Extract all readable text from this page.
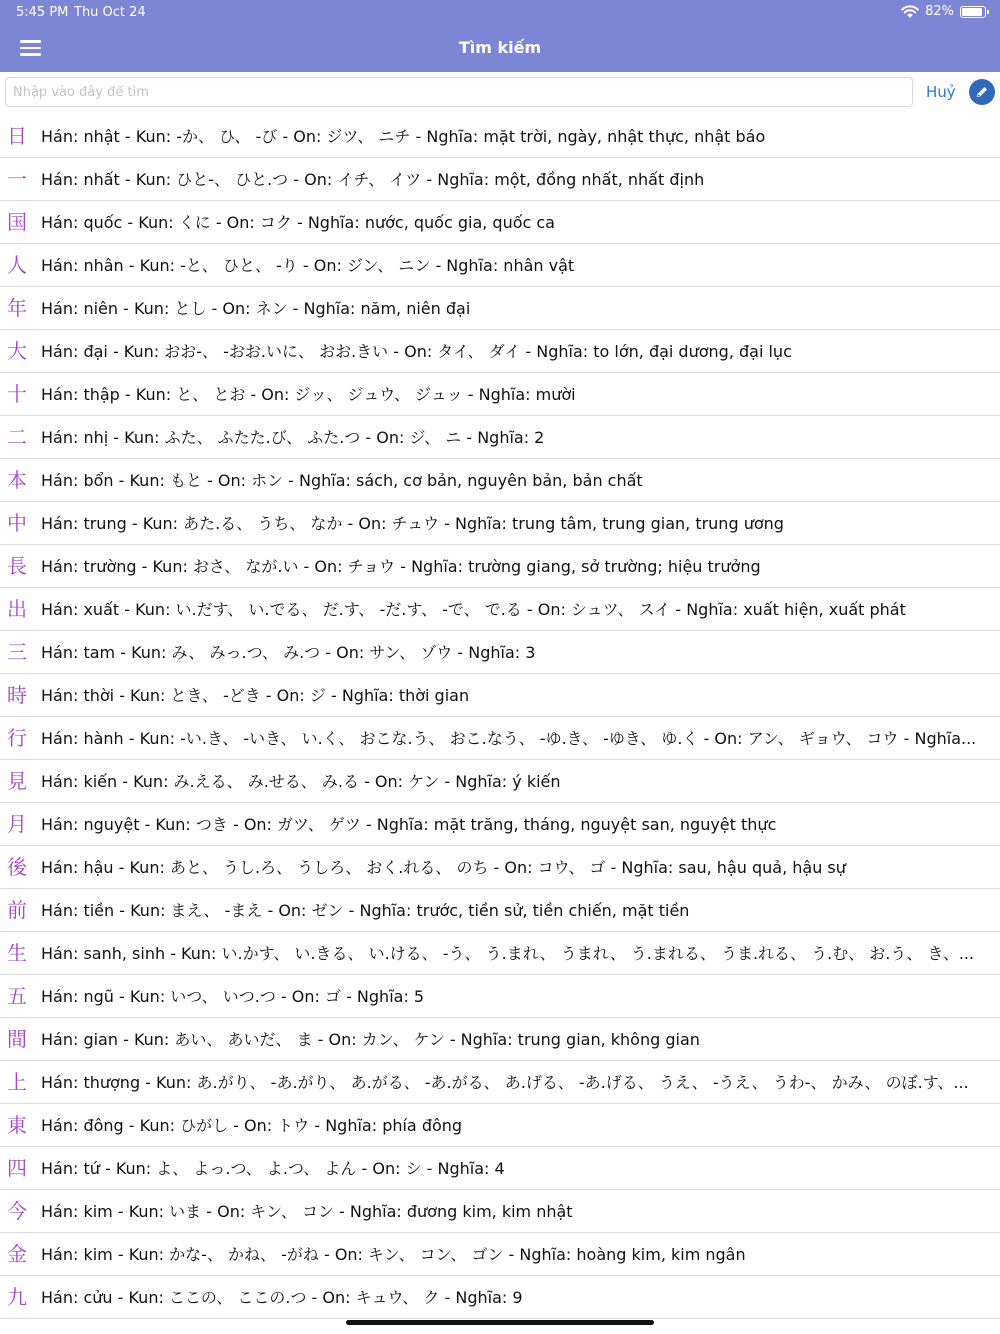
5:45 PM Thu Oct 24	82%
Tìm kiếm
Nhập vào đây để tìm
Huỷ
日 Hán: nhật - Kun: -か、 ひ、 -び - On: ジツ、 ニチ - Nghĩa: mặt trời, ngày, nhật thực, nhật báo
一 Hán: nhất - Kun: ひと-、 ひと.つ - On: イチ、 イツ - Nghĩa: một, đồng nhất, nhất định
国 Hán: quốc - Kun: くに - On: コク - Nghĩa: nước, quốc gia, quốc ca
人 Hán: nhân - Kun: -と、 ひと、 -り - On: ジン、 ニン - Nghĩa: nhân vật
年 Hán: niên - Kun: とし - On: ネン - Nghĩa: năm, niên đại
大 Hán: đại - Kun: おお-、 -おお.いに、 おお.きい - On: タイ、 ダイ - Nghĩa: to lớn, đại dương, đại lục
十 Hán: thập - Kun: と、 とお - On: ジッ、 ジュウ、 ジュッ - Nghĩa: mười
二 Hán: nhị - Kun: ふた、 ふたた.び、 ふた.つ - On: ジ、 ニ - Nghĩa: 2
本 Hán: bổn - Kun: もと - On: ホン - Nghĩa: sách, cơ bản, nguyên bản, bản chất
中 Hán: trung - Kun: あた.る、 うち、 なか - On: チュウ - Nghĩa: trung tâm, trung gian, trung ương
長 Hán: trường - Kun: おさ、 なが.い - On: チョウ - Nghĩa: trường giang, sở trường; hiệu trưởng
出 Hán: xuất - Kun: い.だす、 い.でる、 だ.す、 -だ.す、 -で、 で.る - On: シュツ、 スイ - Nghĩa: xuất hiện, xuất phát
三 Hán: tam - Kun: み、 みっ.つ、 み.つ - On: サン、 ゾウ - Nghĩa: 3
時 Hán: thời - Kun: とき、 -どき - On: ジ - Nghĩa: thời gian
行 Hán: hành - Kun: -い.き、 -いき、 い.く、 おこな.う、 おこ.なう、 -ゆ.き、 -ゆき、 ゆ.く - On: アン、 ギョウ、 コウ - Nghĩa...
見 Hán: kiến - Kun: み.える、 み.せる、 み.る - On: ケン - Nghĩa: ý kiến
月 Hán: nguyệt - Kun: つき - On: ガツ、 ゲツ - Nghĩa: mặt trăng, tháng, nguyệt san, nguyệt thực
後 Hán: hậu - Kun: あと、 うし.ろ、 うしろ、 おく.れる、 のち - On: コウ、 ゴ - Nghĩa: sau, hậu quả, hậu sự
前 Hán: tiền - Kun: まえ、 -まえ - On: ゼン - Nghĩa: trước, tiền sử, tiền chiến, mặt tiền
生 Hán: sanh, sinh - Kun: い.かす、 い.きる、 い.ける、 -う、 う.まれ、 うまれ、 う.まれる、 うま.れる、 う.む、 お.う、 き、...
五 Hán: ngũ - Kun: いつ、 いつ.つ - On: ゴ - Nghĩa: 5
間 Hán: gian - Kun: あい、 あいだ、 ま - On: カン、 ケン - Nghĩa: trung gian, không gian
上 Hán: thượng - Kun: あ.がり、 -あ.がり、 あ.がる、 -あ.がる、 あ.げる、 -あ.げる、 うえ、 -うえ、 うわ-、 かみ、 のぼ.す、...
東 Hán: đông - Kun: ひがし - On: トウ - Nghĩa: phía đông
四 Hán: tứ - Kun: よ、 よっ.つ、 よ.つ、 よん - On: シ - Nghĩa: 4
今 Hán: kim - Kun: いま - On: キン、 コン - Nghĩa: đương kim, kim nhật
金 Hán: kim - Kun: かな-、 かね、 -がね - On: キン、 コン、 ゴン - Nghĩa: hoàng kim, kim ngân
九 Hán: cửu - Kun: ここの、 ここの.つ - On: キュウ、 ク - Nghĩa: 9
